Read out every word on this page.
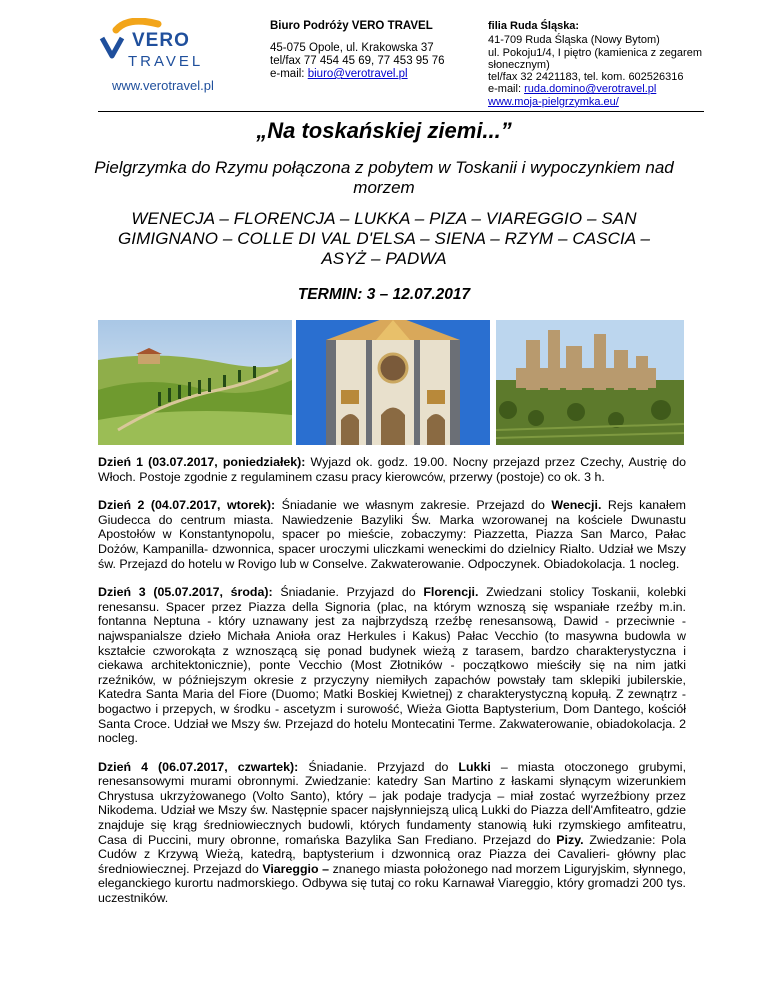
VERO
TRAVEL
www.verotravel.pl
Biuro Podróży VERO TRAVEL
45-075 Opole, ul. Krakowska 37
tel/fax 77 454 45 69, 77 453 95 76
e-mail: biuro@verotravel.pl
filia Ruda Śląska:
41-709 Ruda Śląska (Nowy Bytom)
ul. Pokoju1/4, I piętro (kamienica z zegarem słonecznym)
tel/fax 32 2421183, tel. kom. 602526316
e-mail: ruda.domino@verotravel.pl
www.moja-pielgrzymka.eu/
„Na toskańskiej ziemi...”
Pielgrzymka do Rzymu połączona z pobytem w Toskanii i wypoczynkiem nad morzem
WENECJA – FLORENCJA – LUKKA – PIZA – VIAREGGIO – SAN GIMIGNANO – COLLE DI VAL D'ELSA – SIENA – RZYM – CASCIA – ASYŻ – PADWA
TERMIN: 3 – 12.07.2017

Dzień 1 (03.07.2017, poniedziałek): Wyjazd ok. godz. 19.00. Nocny przejazd przez Czechy, Austrię do Włoch. Postoje zgodnie z regulaminem czasu pracy kierowców, przerwy (postoje) co ok. 3 h.

Dzień 2 (04.07.2017, wtorek): Śniadanie we własnym zakresie. Przejazd do Wenecji. Rejs kanałem Giudecca do centrum miasta. Nawiedzenie Bazyliki Św. Marka wzorowanej na kościele Dwunastu Apostołów w Konstantynopolu, spacer po mieście, zobaczymy: Piazzetta, Piazza San Marco, Pałac Dożów, Kampanilla- dzwonnica, spacer uroczymi uliczkami weneckimi do dzielnicy Rialto. Udział we Mszy św. Przejazd do hotelu w Rovigo lub w Conselve. Zakwaterowanie. Odpoczynek. Obiadokolacja. 1 nocleg.

Dzień 3 (05.07.2017, środa): Śniadanie. Przyjazd do Florencji. Zwiedzani stolicy Toskanii, kolebki renesansu. Spacer przez Piazza della Signoria (plac, na którym wznoszą się wspaniałe rzeźby m.in. fontanna Neptuna - który uznawany jest za najbrzydszą rzeźbę renesansową, Dawid - przeciwnie - najwspanialsze dzieło Michała Anioła oraz Herkules i Kakus) Pałac Vecchio (to masywna budowla w kształcie czworokąta z wznoszącą się ponad budynek wieżą z tarasem, bardzo charakterystyczna i ciekawa architektonicznie), ponte Vecchio (Most Złotników - początkowo mieściły się na nim jatki rzeźników, w późniejszym okresie z przyczyny niemiłych zapachów powstały tam sklepiki jubilerskie, Katedra Santa Maria del Fiore (Duomo; Matki Boskiej Kwietnej) z charakterystyczną kopułą. Z zewnątrz - bogactwo i przepych, w środku - ascetyzm i surowość, Wieża Giotta Baptysterium, Dom Dantego, kościół Santa Croce. Udział we Mszy św. Przejazd do hotelu Montecatini Terme. Zakwaterowanie, obiadokolacja. 2 nocleg.

Dzień 4 (06.07.2017, czwartek): Śniadanie. Przyjazd do Lukki – miasta otoczonego grubymi, renesansowymi murami obronnymi. Zwiedzanie: katedry San Martino z łaskami słynącym wizerunkiem Chrystusa ukrzyżowanego (Volto Santo), który – jak podaje tradycja – miał zostać wyrzeźbiony przez Nikodema. Udział we Mszy św. Następnie spacer najsłynniejszą ulicą Lukki do Piazza dell'Amfiteatro, gdzie znajduje się krąg średniowiecznych budowli, których fundamenty stanowią łuki rzymskiego amfiteatru, Casa di Puccini, mury obronne, romańska Bazylika San Frediano. Przejazd do Pizy. Zwiedzanie: Pola Cudów z Krzywą Wieżą, katedrą, baptysterium i dzwonnicą oraz Piazza dei Cavalieri- główny plac średniowiecznej. Przejazd do Viareggio – znanego miasta położonego nad morzem Liguryjskim, słynnego, eleganckiego kurortu nadmorskiego. Odbywa się tutaj co roku Karnawał Viareggio, który gromadzi 200 tys. uczestników.
